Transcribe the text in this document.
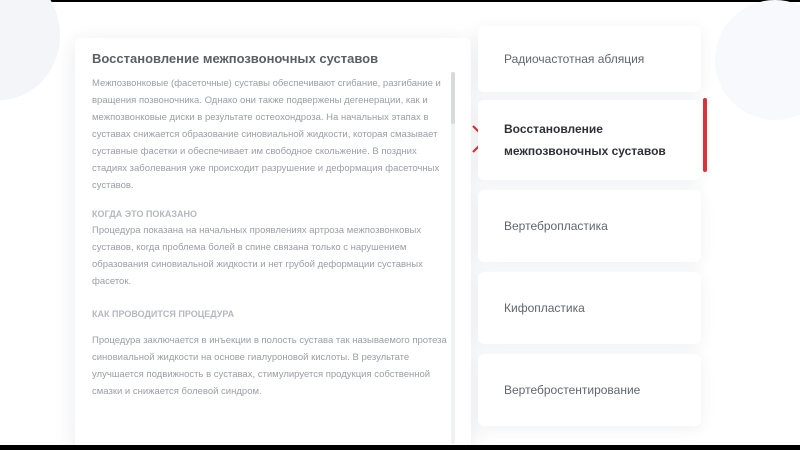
Восстановление межпозвоночных суставов
Межпозвонковые (фасеточные) суставы обеспечивают сгибание, разгибание и вращения позвоночника. Однако они также подвержены дегенерации, как и межпозвонковые диски в результате остеохондроза. На начальных этапах в суставах снижается образование синовиальной жидкости, которая смазывает суставные фасетки и обеспечивает им свободное скольжение. В поздних стадиях заболевания уже происходит разрушение и деформация фасеточных суставов.
КОГДА ЭТО ПОКАЗАНО
Процедура показана на начальных проявлениях артроза межпозвонковых суставов, когда проблема болей в спине связана только с нарушением образования синовиальной жидкости и нет грубой деформации суставных фасеток.
КАК ПРОВОДИТСЯ ПРОЦЕДУРА
Процедура заключается в инъекции в полость сустава так называемого протеза синовиальной жидкости на основе гиалуроновой кислоты. В результате улучшается подвижность в суставах, стимулируется продукция собственной смазки и снижается болевой синдром.
Радиочастотная абляция
Восстановление межпозвоночных суставов
Вертебропластика
Кифопластика
Вертебростентирование
